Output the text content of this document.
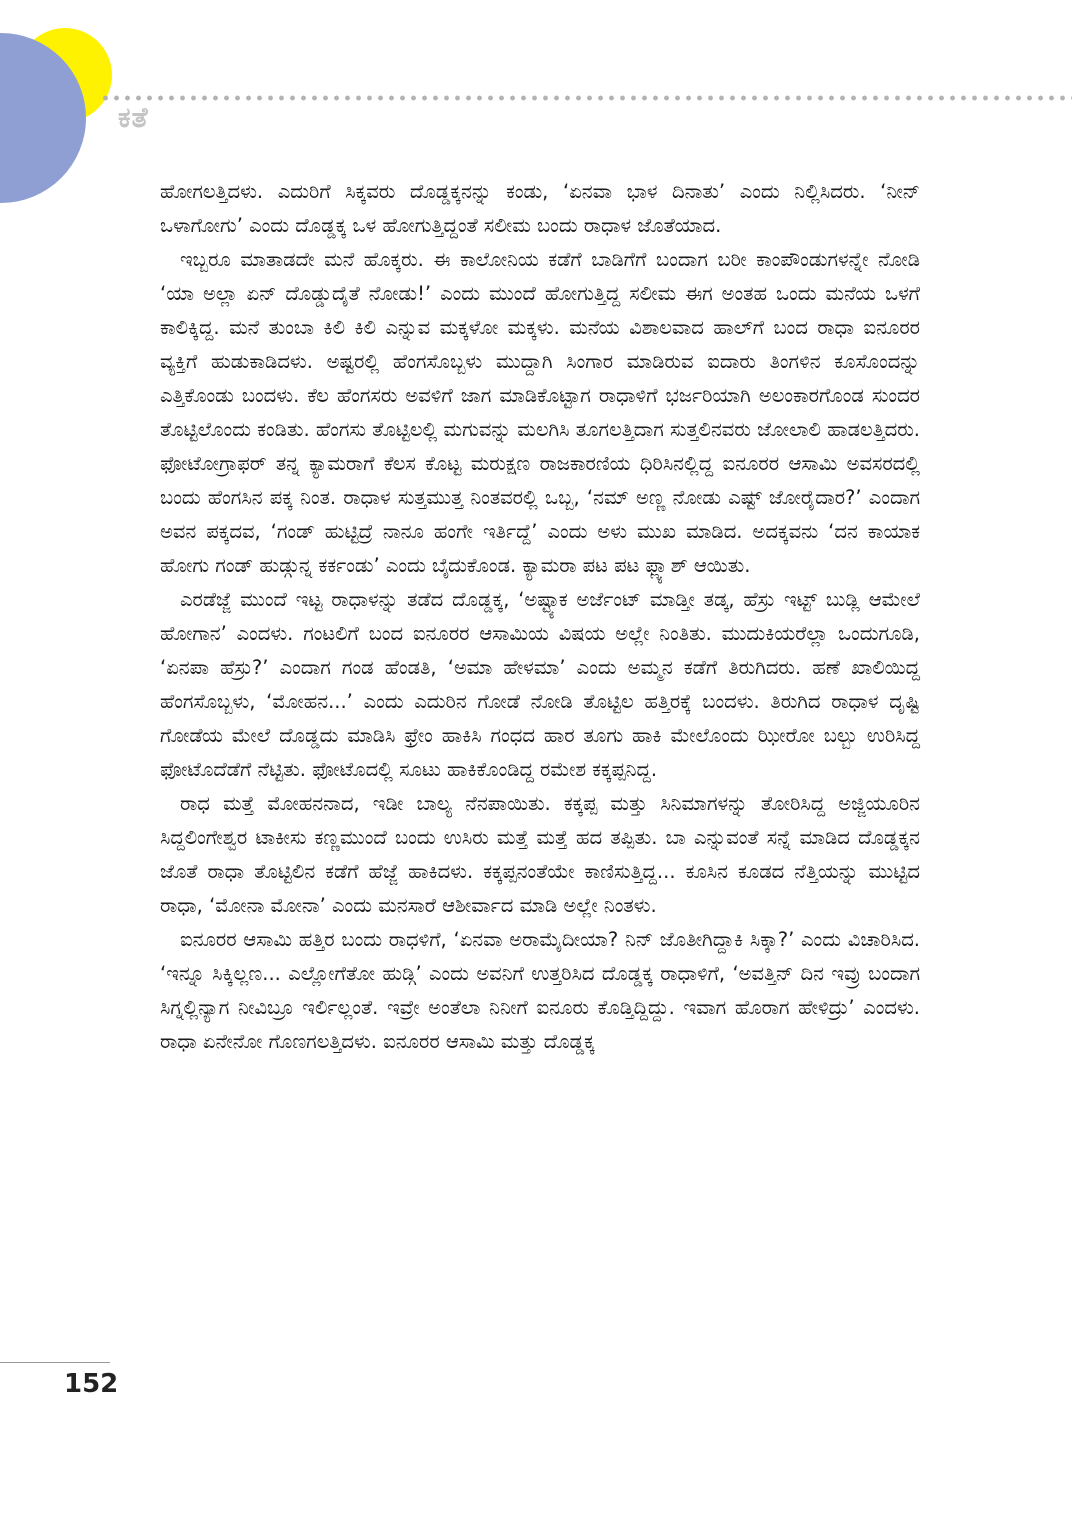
ಕತೆ

ಹೋಗಲತ್ತಿದಳು. ಎದುರಿಗೆ ಸಿಕ್ಕವರು ದೊಡ್ಡಕ್ಕನನ್ನು ಕಂಡು, ‘ಏನವಾ ಭಾಳ ದಿನಾತು’ ಎಂದು ನಿಲ್ಲಿಸಿದರು. ‘ನೀನ್ ಒಳಾಗೋಗು’ ಎಂದು ದೊಡ್ಡಕ್ಕ ಒಳ ಹೋಗುತ್ತಿದ್ದಂತೆ ಸಲೀಮ ಬಂದು ರಾಧಾಳ ಜೊತೆಯಾದ.

ಇಬ್ಬರೂ ಮಾತಾಡದೇ ಮನೆ ಹೊಕ್ಕರು. ಈ ಕಾಲೋನಿಯ ಕಡೆಗೆ ಬಾಡಿಗೆಗೆ ಬಂದಾಗ ಬರೀ ಕಾಂಪೌಂಡುಗಳನ್ನೇ ನೋಡಿ ‘ಯಾ ಅಲ್ಲಾ ಏನ್ ದೊಡ್ಡುದೈತೆ ನೋಡು!’ ಎಂದು ಮುಂದೆ ಹೋಗುತ್ತಿದ್ದ ಸಲೀಮ ಈಗ ಅಂತಹ ಒಂದು ಮನೆಯ ಒಳಗೆ ಕಾಲಿಕ್ಕಿದ್ದ. ಮನೆ ತುಂಬಾ ಕಿಲಿ ಕಿಲಿ ಎನ್ನುವ ಮಕ್ಕಳೋ ಮಕ್ಕಳು. ಮನೆಯ ವಿಶಾಲವಾದ ಹಾಲ್‌ಗೆ ಬಂದ ರಾಧಾ ಐನೂರರ ವ್ಯಕ್ತಿಗೆ ಹುಡುಕಾಡಿದಳು. ಅಷ್ಟರಲ್ಲಿ ಹೆಂಗಸೊಬ್ಬಳು ಮುದ್ದಾಗಿ ಸಿಂಗಾರ ಮಾಡಿರುವ ಐದಾರು ತಿಂಗಳಿನ ಕೂಸೊಂದನ್ನು ಎತ್ತಿಕೊಂಡು ಬಂದಳು. ಕೆಲ ಹೆಂಗಸರು ಅವಳಿಗೆ ಜಾಗ ಮಾಡಿಕೊಟ್ಟಾಗ ರಾಧಾಳಿಗೆ ಭರ್ಜರಿಯಾಗಿ ಅಲಂಕಾರಗೊಂಡ ಸುಂದರ ತೊಟ್ಟಿಲೊಂದು ಕಂಡಿತು. ಹೆಂಗಸು ತೊಟ್ಟಿಲಲ್ಲಿ ಮಗುವನ್ನು ಮಲಗಿಸಿ ತೂಗಲತ್ತಿದಾಗ ಸುತ್ತಲಿನವರು ಜೋಲಾಲಿ ಹಾಡಲತ್ತಿದರು. ಫೋಟೋಗ್ರಾಫರ್ ತನ್ನ ಕ್ಯಾಮರಾಗೆ ಕೆಲಸ ಕೊಟ್ಟ ಮರುಕ್ಷಣ ರಾಜಕಾರಣಿಯ ಧಿರಿಸಿನಲ್ಲಿದ್ದ ಐನೂರರ ಆಸಾಮಿ ಅವಸರದಲ್ಲಿ ಬಂದು ಹೆಂಗಸಿನ ಪಕ್ಕ ನಿಂತ. ರಾಧಾಳ ಸುತ್ತಮುತ್ತ ನಿಂತವರಲ್ಲಿ ಒಬ್ಬ, ‘ನಮ್ ಅಣ್ಣ ನೋಡು ಎಷ್ಟ್ ಜೋರೈದಾರ?’ ಎಂದಾಗ ಅವನ ಪಕ್ಕದವ, ‘ಗಂಡ್ ಹುಟ್ಟಿದ್ರೆ ನಾನೂ ಹಂಗೇ ಇರ್ತಿದ್ದೆ’ ಎಂದು ಅಳು ಮುಖ ಮಾಡಿದ. ಅದಕ್ಕವನು ‘ದನ ಕಾಯಾಕ ಹೋಗು ಗಂಡ್ ಹುಡ್ಗುನ್ನ ಕರ್ಕಂಡು’ ಎಂದು ಬೈದುಕೊಂಡ. ಕ್ಯಾಮರಾ ಪಟ ಪಟ ಫ್ಲ್ಯಾಶ್ ಆಯಿತು.

ಎರಡೆಜ್ಜೆ ಮುಂದೆ ಇಟ್ಟ ರಾಧಾಳನ್ನು ತಡೆದ ದೊಡ್ಡಕ್ಕ, ‘ಅಷ್ಟ್ಯಾಕ ಅರ್ಜೆಂಟ್ ಮಾಡ್ತೀ ತಡ್ಕ, ಹೆಸ್ರು ಇಟ್ಟ್ ಬುಡ್ಲಿ ಆಮೇಲೆ ಹೋಗಾನ’ ಎಂದಳು. ಗಂಟಲಿಗೆ ಬಂದ ಐನೂರರ ಆಸಾಮಿಯ ವಿಷಯ ಅಲ್ಲೇ ನಿಂತಿತು. ಮುದುಕಿಯರೆಲ್ಲಾ ಒಂದುಗೂಡಿ, ‘ಏನಪಾ ಹೆಸ್ರು?’ ಎಂದಾಗ ಗಂಡ ಹೆಂಡತಿ, ‘ಅಮಾ ಹೇಳಮಾ’ ಎಂದು ಅಮ್ಮನ ಕಡೆಗೆ ತಿರುಗಿದರು. ಹಣೆ ಖಾಲಿಯಿದ್ದ ಹೆಂಗಸೊಬ್ಬಳು, ‘ಮೋಹನ...’ ಎಂದು ಎದುರಿನ ಗೋಡೆ ನೋಡಿ ತೊಟ್ಟಿಲ ಹತ್ತಿರಕ್ಕೆ ಬಂದಳು. ತಿರುಗಿದ ರಾಧಾಳ ದೃಷ್ಟಿ ಗೋಡೆಯ ಮೇಲೆ ದೊಡ್ಡದು ಮಾಡಿಸಿ ಫ್ರೇಂ ಹಾಕಿಸಿ ಗಂಧದ ಹಾರ ತೂಗು ಹಾಕಿ ಮೇಲೊಂದು ಝೀರೋ ಬಲ್ಬು ಉರಿಸಿದ್ದ ಫೋಟೊದೆಡೆಗೆ ನೆಟ್ಟಿತು. ಫೋಟೊದಲ್ಲಿ ಸೂಟು ಹಾಕಿಕೊಂಡಿದ್ದ ರಮೇಶ ಕಕ್ಕಪ್ಪನಿದ್ದ.

ರಾಧ ಮತ್ತೆ ಮೋಹನನಾದ, ಇಡೀ ಬಾಲ್ಯ ನೆನಪಾಯಿತು. ಕಕ್ಕಪ್ಪ ಮತ್ತು ಸಿನಿಮಾಗಳನ್ನು ತೋರಿಸಿದ್ದ ಅಜ್ಜಿಯೂರಿನ ಸಿದ್ದಲಿಂಗೇಶ್ವರ ಟಾಕೀಸು ಕಣ್ಣಮುಂದೆ ಬಂದು ಉಸಿರು ಮತ್ತೆ ಮತ್ತೆ ಹದ ತಪ್ಪಿತು. ಬಾ ಎನ್ನುವಂತೆ ಸನ್ನೆ ಮಾಡಿದ ದೊಡ್ಡಕ್ಕನ ಜೊತೆ ರಾಧಾ ತೊಟ್ಟಿಲಿನ ಕಡೆಗೆ ಹೆಜ್ಜೆ ಹಾಕಿದಳು. ಕಕ್ಕಪ್ಪನಂತೆಯೇ ಕಾಣಿಸುತ್ತಿದ್ದ... ಕೂಸಿನ ಕೂಡದ ನೆತ್ತಿಯನ್ನು ಮುಟ್ಟಿದ ರಾಧಾ, ‘ಮೋನಾ ಮೋನಾ’ ಎಂದು ಮನಸಾರೆ ಆಶೀರ್ವಾದ ಮಾಡಿ ಅಲ್ಲೇ ನಿಂತಳು.

ಐನೂರರ ಆಸಾಮಿ ಹತ್ತಿರ ಬಂದು ರಾಧಳಿಗೆ, ‘ಏನವಾ ಅರಾಮೈದೀಯಾ? ನಿನ್ ಜೊತೀಗಿದ್ದಾಕಿ ಸಿಕ್ಕಾ?’ ಎಂದು ವಿಚಾರಿಸಿದ. ‘ಇನ್ನೂ ಸಿಕ್ಕಿಲ್ಲಣ... ಎಲ್ಲೋಗೆತೋ ಹುಡ್ಗಿ’ ಎಂದು ಅವನಿಗೆ ಉತ್ತರಿಸಿದ ದೊಡ್ಡಕ್ಕ ರಾಧಾಳಿಗೆ, ‘ಅವತ್ತಿನ್ ದಿನ ಇವ್ರು ಬಂದಾಗ ಸಿಗ್ನಲ್ಲಿನ್ಯಾಗ ನೀವಿಬ್ರೂ ಇರ್ಲಿಲ್ಲಂತೆ. ಇವ್ರೇ ಅಂತೆಲಾ ನಿನೀಗೆ ಐನೂರು ಕೊಡ್ತಿದ್ದಿದ್ದು. ಇವಾಗ ಹೊರಾಗ ಹೇಳಿದ್ರು’ ಎಂದಳು. ರಾಧಾ ಏನೇನೋ ಗೊಣಗಲತ್ತಿದಳು. ಐನೂರರ ಆಸಾಮಿ ಮತ್ತು ದೊಡ್ಡಕ್ಕ

152
